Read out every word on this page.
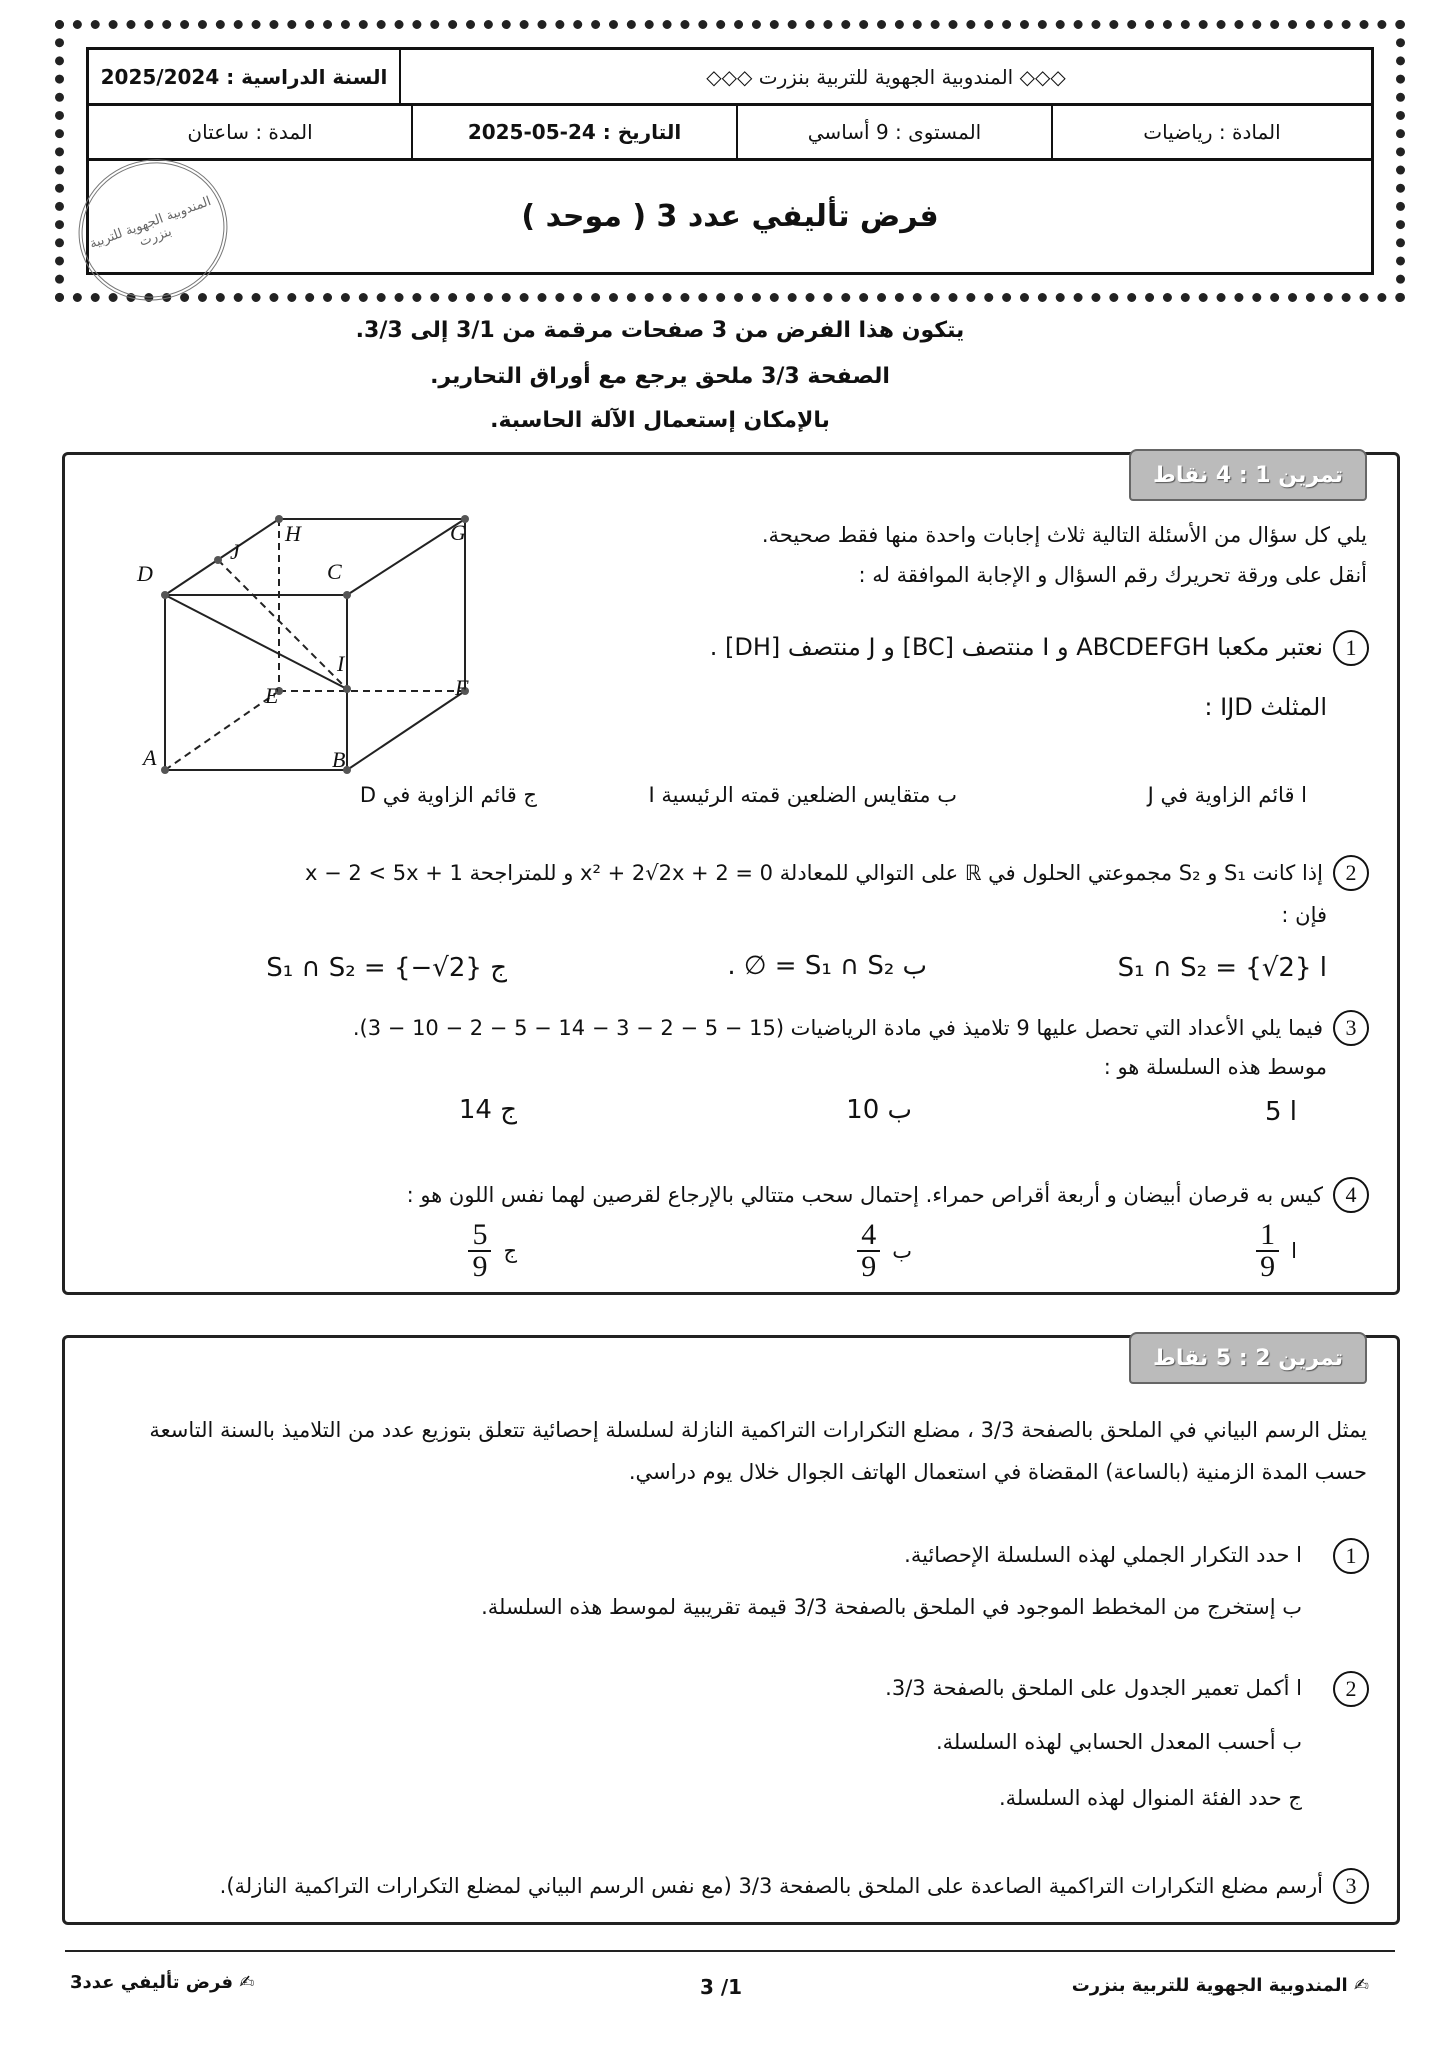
◇◇◇ المندوبية الجهوية للتربية بنزرت ◇◇◇
السنة الدراسية : 2025/2024
المادة : رياضيات
المستوى : 9 أساسي
التاريخ : 24-05-2025
المدة : ساعتان
فرض تأليفي عدد 3 ( موحد )
المندوبية الجهوية للتربية بنزرت
يتكون هذا الفرض من 3 صفحات مرقمة من 3/1 إلى 3/3.
الصفحة 3/3 ملحق يرجع مع أوراق التحارير.
بالإمكان إستعمال الآلة الحاسبة.
تمرين 1 : 4 نقاط
يلي كل سؤال من الأسئلة التالية ثلاث إجابات واحدة منها فقط صحيحة.
أنقل على ورقة تحريرك رقم السؤال و الإجابة الموافقة له :
A	B
C
D
E	F
G
H
I
J
1نعتبر مكعبا ABCDEFGH و I منتصف [BC] و J منتصف [DH] .
المثلث IJD :
ا قائم الزاوية في J
ب متقايس الضلعين قمته الرئيسية I
ج قائم الزاوية في D
2إذا كانت S₁ و S₂ مجموعتي الحلول في ℝ على التوالي للمعادلة x² + 2√2x + 2 = 0 و للمتراجحة x − 2 < 5x + 1
فإن :
ا S₁ ∩ S₂ = {√2}
ب S₁ ∩ S₂ = ∅ .
ج S₁ ∩ S₂ = {−√2}
3فيما يلي الأعداد التي تحصل عليها 9 تلاميذ في مادة الرياضيات (15 − 5 − 2 − 3 − 14 − 5 − 2 − 10 − 3).
موسط هذه السلسلة هو :
ا 5
ب 10
ج 14
4كيس به قرصان أبيضان و أربعة أقراص حمراء. إحتمال سحب متتالي بالإرجاع لقرصين لهما نفس اللون هو :
ا
$\frac{1}{9}$
ب
$\frac{4}{9}$
ج
$\frac{5}{9}$
تمرين 2 : 5 نقاط
يمثل الرسم البياني في الملحق بالصفحة 3/3 ، مضلع التكرارات التراكمية النازلة لسلسلة إحصائية تتعلق بتوزيع عدد من التلاميذ بالسنة التاسعة
حسب المدة الزمنية (بالساعة) المقضاة في استعمال الهاتف الجوال خلال يوم دراسي.
1
ا حدد التكرار الجملي لهذه السلسلة الإحصائية.
ب إستخرج من المخطط الموجود في الملحق بالصفحة 3/3 قيمة تقريبية لموسط هذه السلسلة.
2
ا أكمل تعمير الجدول على الملحق بالصفحة 3/3.
ب أحسب المعدل الحسابي لهذه السلسلة.
ج حدد الفئة المنوال لهذه السلسلة.
3أرسم مضلع التكرارات التراكمية الصاعدة على الملحق بالصفحة 3/3 (مع نفس الرسم البياني لمضلع التكرارات التراكمية النازلة).
✍ المندوبية الجهوية للتربية بنزرت
3 /1
✍ فرض تأليفي عدد3
